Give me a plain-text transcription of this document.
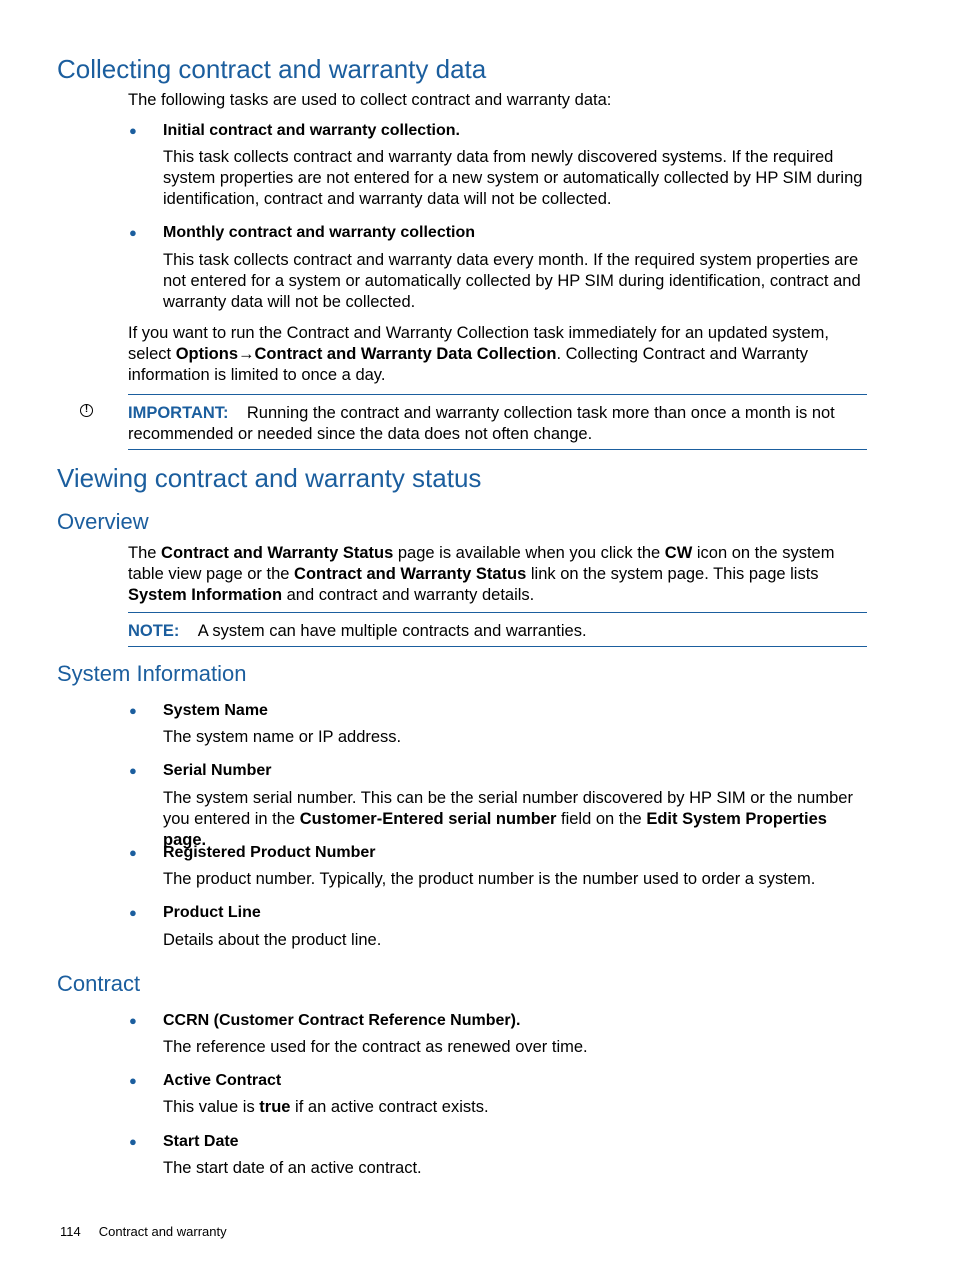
Collecting contract and warranty data
The following tasks are used to collect contract and warranty data:
● Initial contract and warranty collection.
This task collects contract and warranty data from newly discovered systems. If the required system properties are not entered for a new system or automatically collected by HP SIM during identification, contract and warranty data will not be collected.
● Monthly contract and warranty collection
This task collects contract and warranty data every month. If the required system properties are not entered for a system or automatically collected by HP SIM during identification, contract and warranty data will not be collected.
If you want to run the Contract and Warranty Collection task immediately for an updated system, select Options→Contract and Warranty Data Collection. Collecting Contract and Warranty information is limited to once a day.
! IMPORTANT: Running the contract and warranty collection task more than once a month is not recommended or needed since the data does not often change.
Viewing contract and warranty status
Overview
The Contract and Warranty Status page is available when you click the CW icon on the system table view page or the Contract and Warranty Status link on the system page. This page lists System Information and contract and warranty details.
NOTE: A system can have multiple contracts and warranties.
System Information
● System Name
The system name or IP address.
● Serial Number
The system serial number. This can be the serial number discovered by HP SIM or the number you entered in the Customer-Entered serial number field on the Edit System Properties page.
● Registered Product Number
The product number. Typically, the product number is the number used to order a system.
● Product Line
Details about the product line.
Contract
● CCRN (Customer Contract Reference Number).
The reference used for the contract as renewed over time.
● Active Contract
This value is true if an active contract exists.
● Start Date
The start date of an active contract.
114 Contract and warranty
